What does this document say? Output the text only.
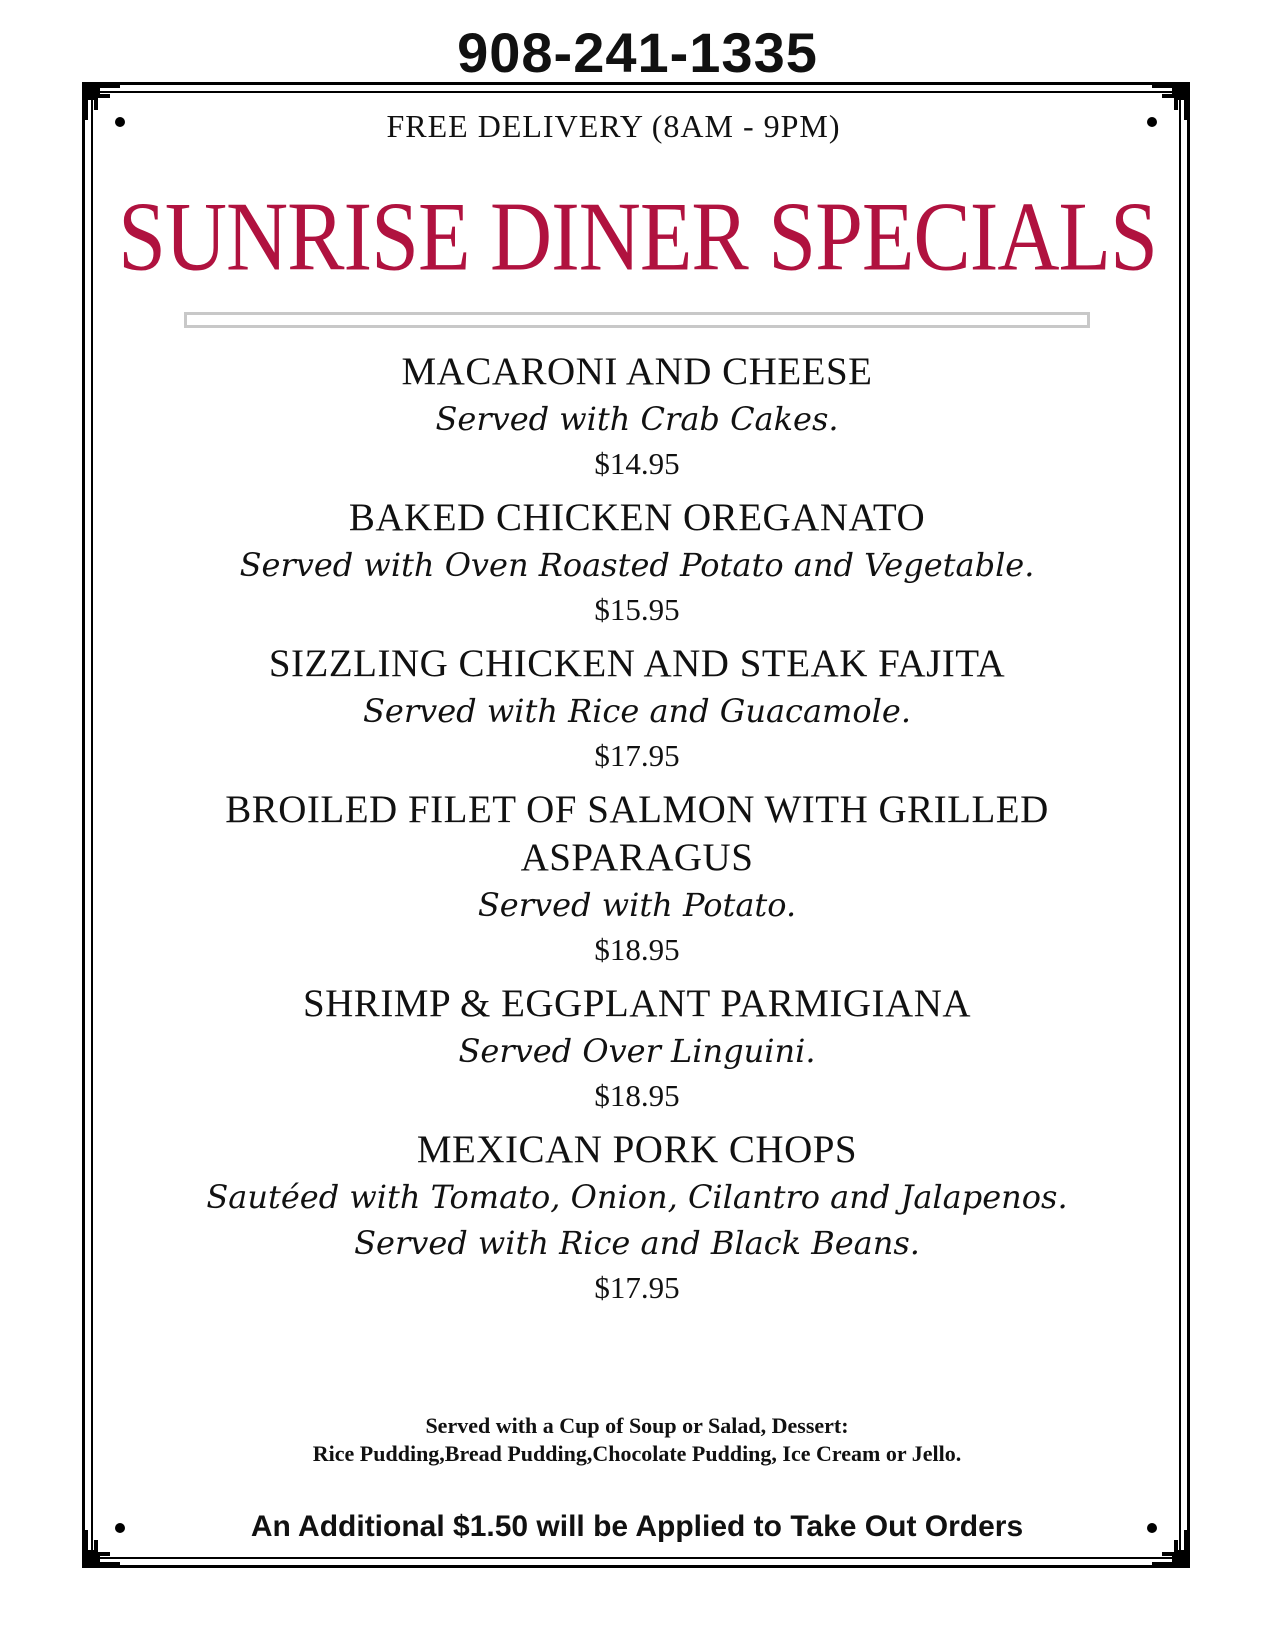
908-241-1335
FREE DELIVERY (8AM - 9PM)
SUNRISE DINER SPECIALS
MACARONI AND CHEESE
Served with Crab Cakes.
$14.95
BAKED CHICKEN OREGANATO
Served with Oven Roasted Potato and Vegetable.
$15.95
SIZZLING CHICKEN AND STEAK FAJITA
Served with Rice and Guacamole.
$17.95
BROILED FILET OF SALMON WITH GRILLED ASPARAGUS
Served with Potato.
$18.95
SHRIMP & EGGPLANT PARMIGIANA
Served Over Linguini.
$18.95
MEXICAN PORK CHOPS
Sautéed with Tomato, Onion, Cilantro and Jalapenos.
Served with Rice and Black Beans.
$17.95
Served with a Cup of Soup or Salad, Dessert:
Rice Pudding,Bread Pudding,Chocolate Pudding, Ice Cream or Jello.
An Additional $1.50 will be Applied to Take Out Orders
